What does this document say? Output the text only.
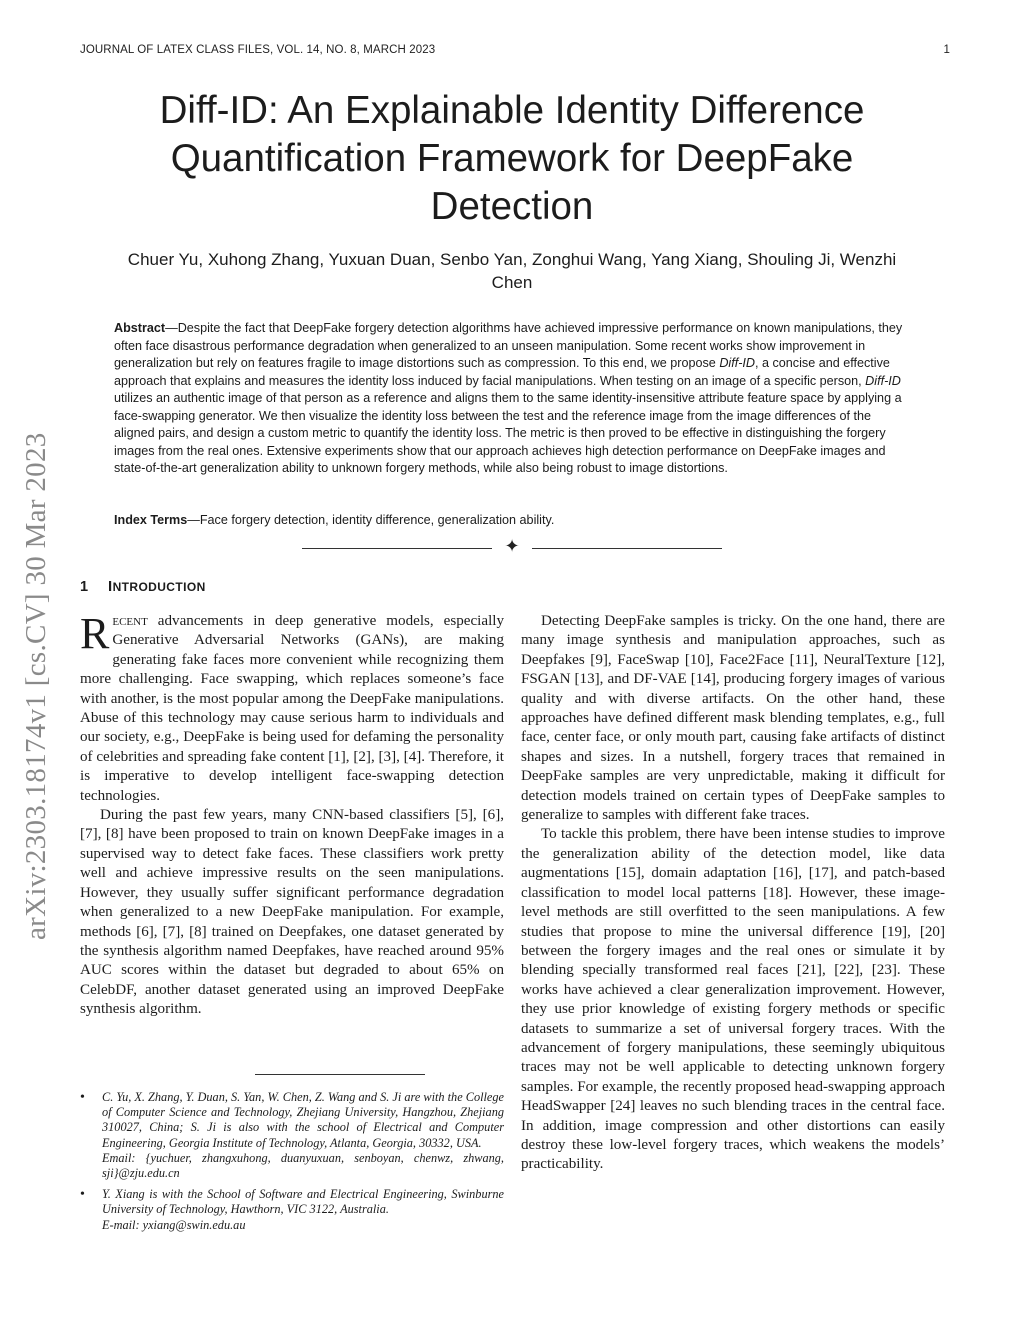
JOURNAL OF LATEX CLASS FILES, VOL. 14, NO. 8, MARCH 2023	1
arXiv:2303.18174v1 [cs.CV] 30 Mar 2023
Diff-ID: An Explainable Identity Difference Quantification Framework for DeepFake Detection
Chuer Yu, Xuhong Zhang, Yuxuan Duan, Senbo Yan, Zonghui Wang, Yang Xiang, Shouling Ji, Wenzhi Chen
Abstract—Despite the fact that DeepFake forgery detection algorithms have achieved impressive performance on known manipulations, they often face disastrous performance degradation when generalized to an unseen manipulation. Some recent works show improvement in generalization but rely on features fragile to image distortions such as compression. To this end, we propose Diff-ID, a concise and effective approach that explains and measures the identity loss induced by facial manipulations. When testing on an image of a specific person, Diff-ID utilizes an authentic image of that person as a reference and aligns them to the same identity-insensitive attribute feature space by applying a face-swapping generator. We then visualize the identity loss between the test and the reference image from the image differences of the aligned pairs, and design a custom metric to quantify the identity loss. The metric is then proved to be effective in distinguishing the forgery images from the real ones. Extensive experiments show that our approach achieves high detection performance on DeepFake images and state-of-the-art generalization ability to unknown forgery methods, while also being robust to image distortions.
Index Terms—Face forgery detection, identity difference, generalization ability.
✦
1 INTRODUCTION

Recent advancements in deep generative models, especially Generative Adversarial Networks (GANs), are making generating fake faces more convenient while recognizing them more challenging. Face swapping, which replaces someone’s face with another, is the most popular among the DeepFake manipulations. Abuse of this technology may cause serious harm to individuals and our society, e.g., DeepFake is being used for defaming the personality of celebrities and spreading fake content [1], [2], [3], [4]. Therefore, it is imperative to develop intelligent face-swapping detection technologies.

During the past few years, many CNN-based classifiers [5], [6], [7], [8] have been proposed to train on known DeepFake images in a supervised way to detect fake faces. These classifiers work pretty well and achieve impressive results on the seen manipulations. However, they usually suffer significant performance degradation when generalized to a new DeepFake manipulation. For example, methods [6], [7], [8] trained on Deepfakes, one dataset generated by the synthesis algorithm named Deepfakes, have reached around 95% AUC scores within the dataset but degraded to about 65% on CelebDF, another dataset generated using an improved DeepFake synthesis algorithm.

• C. Yu, X. Zhang, Y. Duan, S. Yan, W. Chen, Z. Wang and S. Ji are with the College of Computer Science and Technology, Zhejiang University, Hangzhou, Zhejiang 310027, China; S. Ji is also with the school of Electrical and Computer Engineering, Georgia Institute of Technology, Atlanta, Georgia, 30332, USA.
Email: {yuchuer, zhangxuhong, duanyuxuan, senboyan, chenwz, zhwang, sji}@zju.edu.cn
• Y. Xiang is with the School of Software and Electrical Engineering, Swinburne University of Technology, Hawthorn, VIC 3122, Australia.
E-mail: yxiang@swin.edu.au

Detecting DeepFake samples is tricky. On the one hand, there are many image synthesis and manipulation approaches, such as Deepfakes [9], FaceSwap [10], Face2Face [11], NeuralTexture [12], FSGAN [13], and DF-VAE [14], producing forgery images of various quality and with diverse artifacts. On the other hand, these approaches have defined different mask blending templates, e.g., full face, center face, or only mouth part, causing fake artifacts of distinct shapes and sizes. In a nutshell, forgery traces that remained in DeepFake samples are very unpredictable, making it difficult for detection models trained on certain types of DeepFake samples to generalize to samples with different fake traces.

To tackle this problem, there have been intense studies to improve the generalization ability of the detection model, like data augmentations [15], domain adaptation [16], [17], and patch-based classification to model local patterns [18]. However, these image-level methods are still overfitted to the seen manipulations. A few studies that propose to mine the universal difference [19], [20] between the forgery images and the real ones or simulate it by blending specially transformed real faces [21], [22], [23]. These works have achieved a clear generalization improvement. However, they use prior knowledge of existing forgery methods or specific datasets to summarize a set of universal forgery traces. With the advancement of forgery manipulations, these seemingly ubiquitous traces may not be well applicable to detecting unknown forgery samples. For example, the recently proposed head-swapping approach HeadSwapper [24] leaves no such blending traces in the central face. In addition, image compression and other distortions can easily destroy these low-level forgery traces, which weakens the models’ practicability.
